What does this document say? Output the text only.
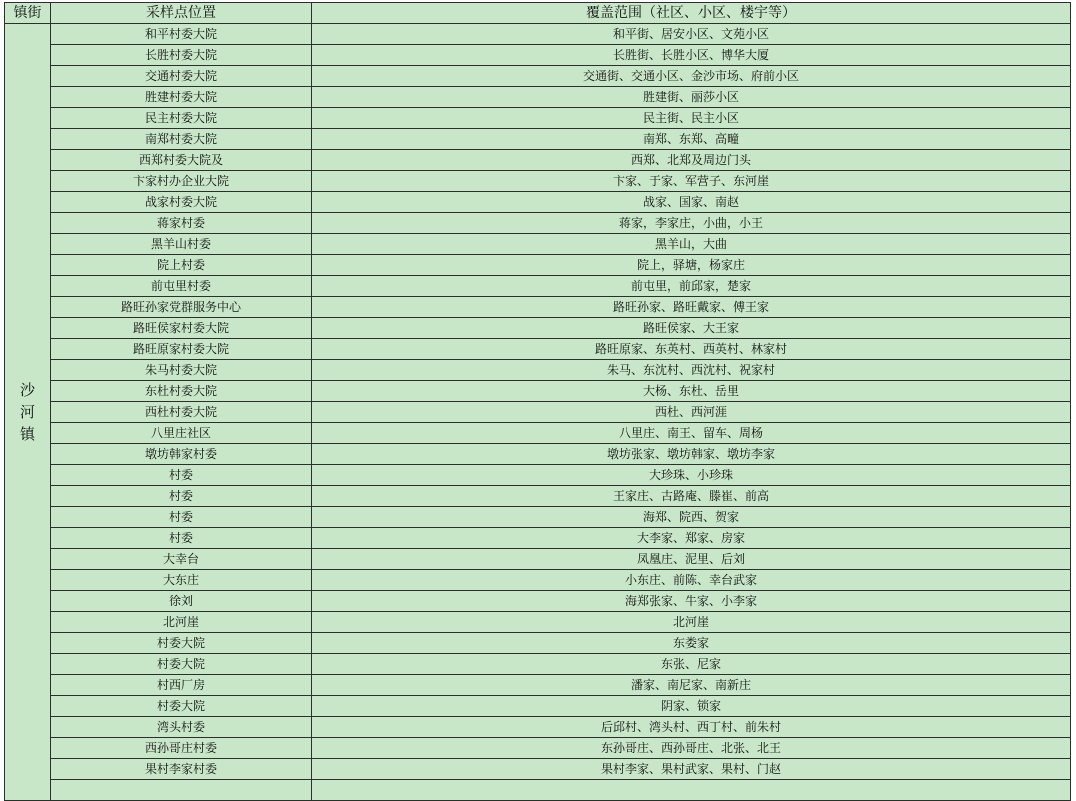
镇街	采样点位置	覆盖范围（社区、小区、楼宇等）
沙河镇	和平村委大院	和平街、居安小区、文苑小区
	长胜村委大院	长胜街、长胜小区、博华大厦
	交通村委大院	交通街、交通小区、金沙市场、府前小区
	胜建村委大院	胜建街、丽莎小区
	民主村委大院	民主街、民主小区
	南郑村委大院	南郑、东郑、高疃
	西郑村委大院及	西郑、北郑及周边门头
	卞家村办企业大院	卞家、于家、军营子、东河崖
	战家村委大院	战家、国家、南赵
	蒋家村委	蒋家，李家庄，小曲，小王
	黑羊山村委	黑羊山，大曲
	院上村委	院上，驿塘，杨家庄
	前屯里村委	前屯里，前邱家，楚家
	路旺孙家党群服务中心	路旺孙家、路旺戴家、傅王家
	路旺侯家村委大院	路旺侯家、大王家
	路旺原家村委大院	路旺原家、东英村、西英村、林家村
	朱马村委大院	朱马、东沈村、西沈村、祝家村
	东杜村委大院	大杨、东杜、岳里
	西杜村委大院	西杜、西河涯
	八里庄社区	八里庄、南王、留车、周杨
	墩坊韩家村委	墩坊张家、墩坊韩家、墩坊李家
	村委	大珍珠、小珍珠
	村委	王家庄、古路庵、滕崔、前高
	村委	海郑、院西、贺家
	村委	大李家、郑家、房家
	大幸台	凤凰庄、泥里、后刘
	大东庄	小东庄、前陈、幸台武家
	徐刘	海郑张家、牛家、小李家
	北河崖	北河崖
	村委大院	东娄家
	村委大院	东张、尼家
	村西厂房	潘家、南尼家、南新庄
	村委大院	阴家、锁家
	湾头村委	后邱村、湾头村、西丁村、前朱村
	西孙哥庄村委	东孙哥庄、西孙哥庄、北张、北王
	果村李家村委	果村李家、果村武家、果村、门赵
